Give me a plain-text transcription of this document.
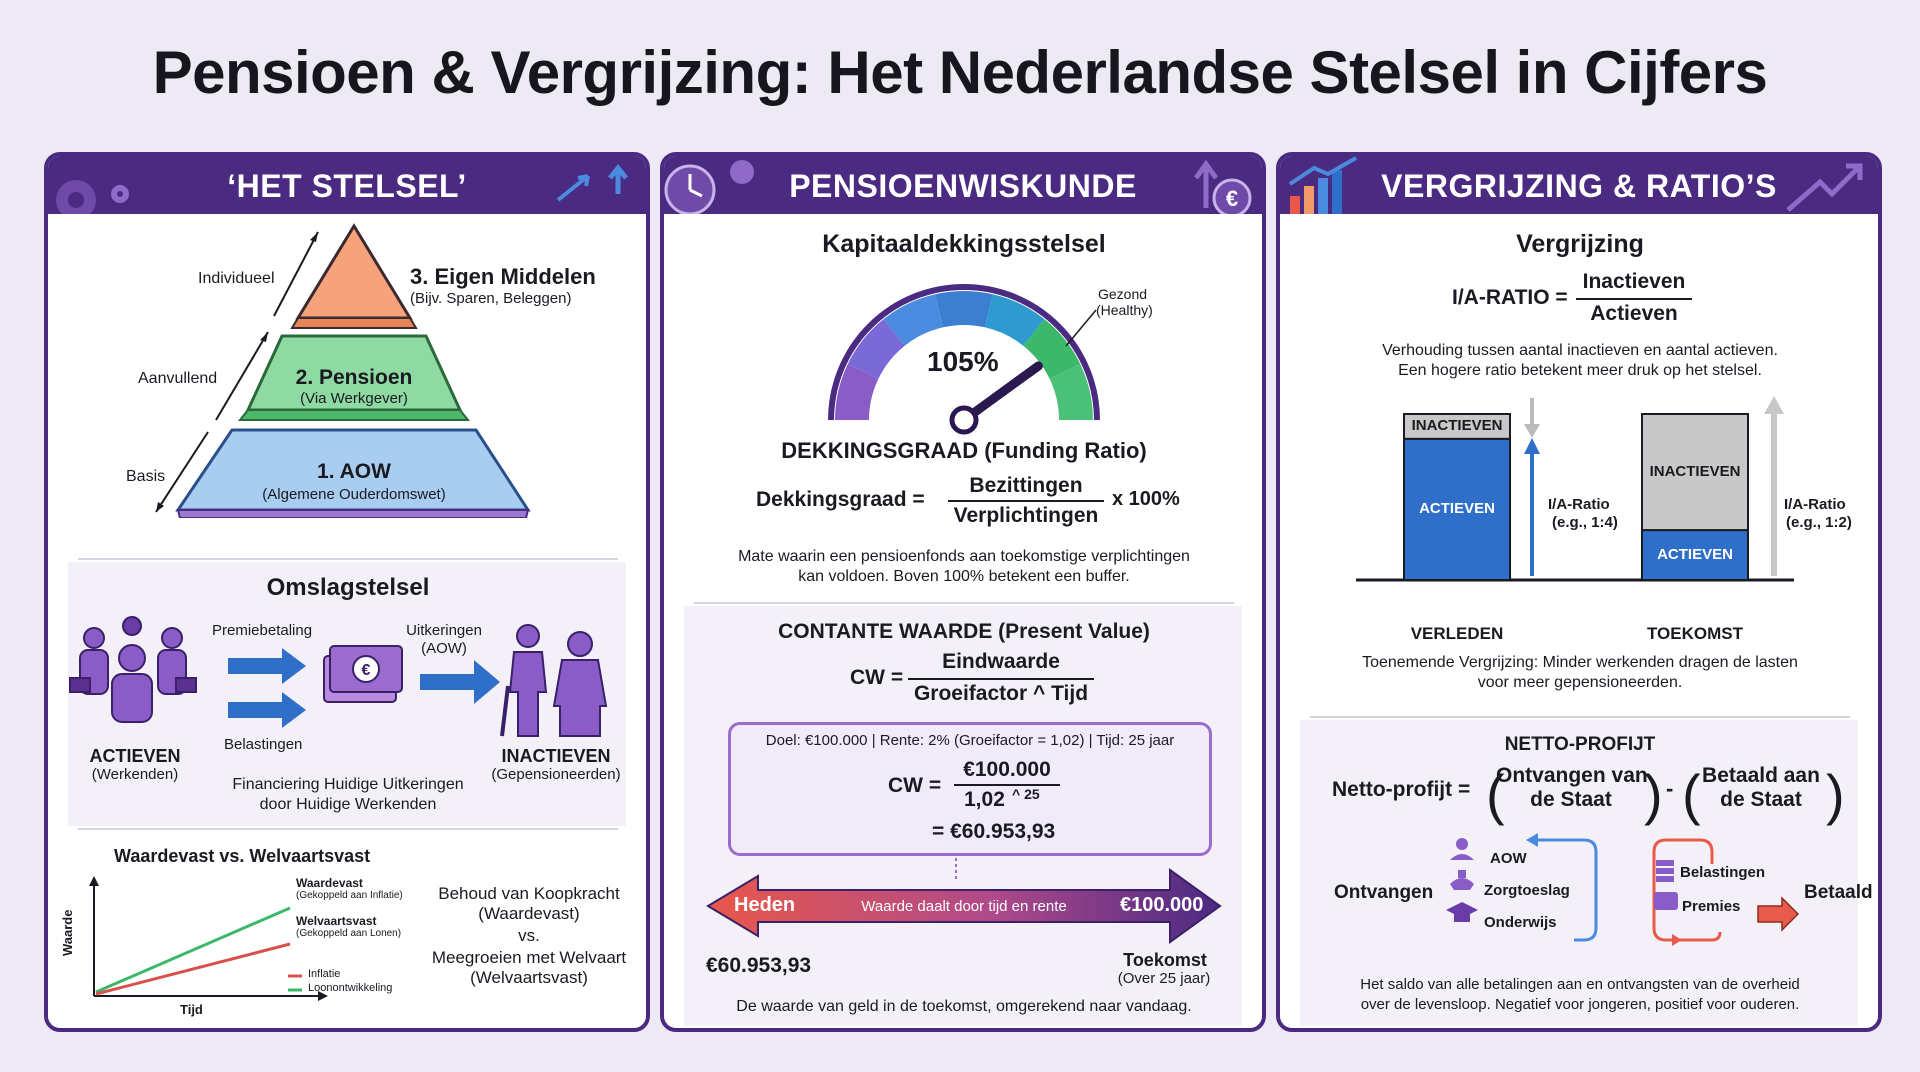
Pensioen & Vergrijzing: Het Nederlandse Stelsel in Cijfers
‘HET STELSEL’
Individueel
Aanvullend
Basis
3. Eigen Middelen
(Bijv. Sparen, Beleggen)
2. Pensioen
(Via Werkgever)
1. AOW
(Algemene Ouderdomswet)
Omslagstelsel
€
Premiebetaling
Belastingen
Uitkeringen
(AOW)
ACTIEVEN
(Werkenden)
INACTIEVEN
(Gepensioneerden)
Financiering Huidige Uitkeringen
door Huidige Werkenden
Waardevast vs. Welvaartsvast
Waarde
Tijd
Waardevast
(Gekoppeld aan Inflatie)
Welvaartsvast
(Gekoppeld aan Lonen)
Inflatie
Loonontwikkeling
Behoud van Koopkracht
(Waardevast)
vs.
Meegroeien met Welvaart
(Welvaartsvast)
PENSIOENWISKUNDE	€
Kapitaaldekkingsstelsel
105%
Gezond
(Healthy)
DEKKINGSGRAAD (Funding Ratio)
Dekkingsgraad =
Bezittingen
Verplichtingen
x 100%
Mate waarin een pensioenfonds aan toekomstige verplichtingen
kan voldoen. Boven 100% betekent een buffer.
CONTANTE WAARDE (Present Value)
CW =
Eindwaarde
Groeifactor ^ Tijd
Doel: €100.000 | Rente: 2% (Groeifactor = 1,02) | Tijd: 25 jaar
CW =
€100.000
1,02 ^ 25
= €60.953,93
Heden	Waarde daalt door tijd en rente	€100.000
€60.953,93	Toekomst
(Over 25 jaar)
De waarde van geld in de toekomst, omgerekend naar vandaag.
VERGRIJZING & RATIO’S
Vergrijzing
I/A-RATIO =
Inactieven
Actieven
Verhouding tussen aantal inactieven en aantal actieven.
Een hogere ratio betekent meer druk op het stelsel.
INACTIEVEN
ACTIEVEN
INACTIEVEN
ACTIEVEN
I/A-Ratio
(e.g., 1:4)
I/A-Ratio
(e.g., 1:2)
VERLEDEN	TOEKOMST
Toenemende Vergrijzing: Minder werkenden dragen de lasten
voor meer gepensioneerden.
NETTO-PROFIJT
Netto-profijt = (
Ontvangen van
de Staat ) - ( Betaald aan
de Staat )
Ontvangen
AOW
Zorgtoeslag
Onderwijs
Belastingen
Premies
Betaald
Het saldo van alle betalingen aan en ontvangsten van de overheid
over de levensloop. Negatief voor jongeren, positief voor ouderen.
